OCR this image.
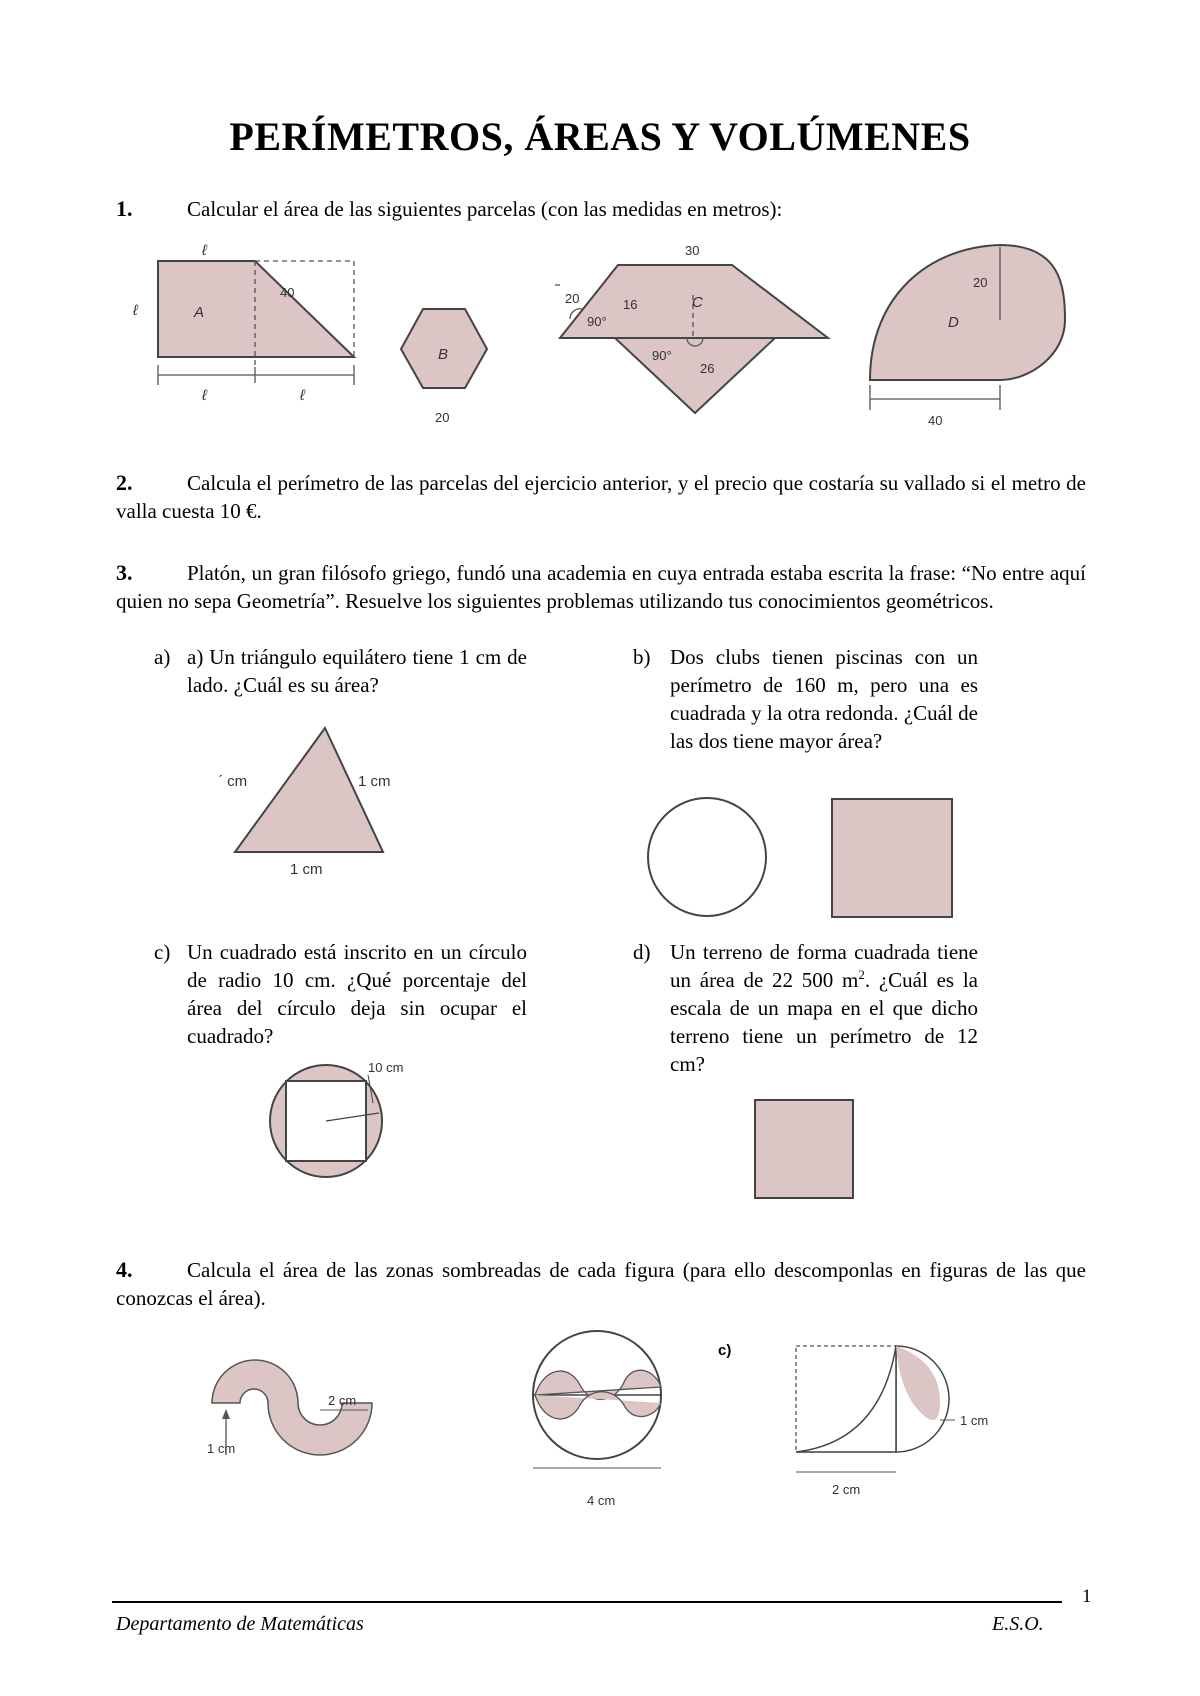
PERÍMETROS, ÁREAS Y VOLÚMENES
1.	Calcular el área de las siguientes parcelas (con las medidas en metros):
ℓ
ℓ	A
40
ℓ	ℓ
B
20
30
C
20	16
90°
90°
26
D
20
40
2.	Calcula el perímetro de las parcelas del ejercicio anterior, y el precio que costaría su vallado si el metro de valla cuesta 10 €.
3.	Platón, un gran filósofo griego, fundó una academia en cuya entrada estaba escrita la frase: “No entre aquí quien no sepa Geometría”. Resuelve los siguientes problemas utilizando tus conocimientos geométricos.
a) a) Un triángulo equilátero tiene 1 cm de lado. ¿Cuál es su área?
ˊ cm	1 cm
1 cm
b) Dos clubs tienen piscinas con un perímetro de 160 m, pero una es cuadrada y la otra redonda. ¿Cuál de las dos tiene mayor área?
c) Un cuadrado está inscrito en un círculo de radio 10 cm. ¿Qué porcentaje del área del círculo deja sin ocupar el cuadrado?
10 cm
d) Un terreno de forma cuadrada tiene un área de 22 500 $m^2$. ¿Cuál es la escala de un mapa en el que dicho terreno tiene un perímetro de 12 cm?
4.	Calcula el área de las zonas sombreadas de cada figura (para ello descomponlas en figuras de las que conozcas el área).
2 cm
1 cm
4 cm
c)
1 cm
2 cm
1
Departamento de Matemáticas	E.S.O.
